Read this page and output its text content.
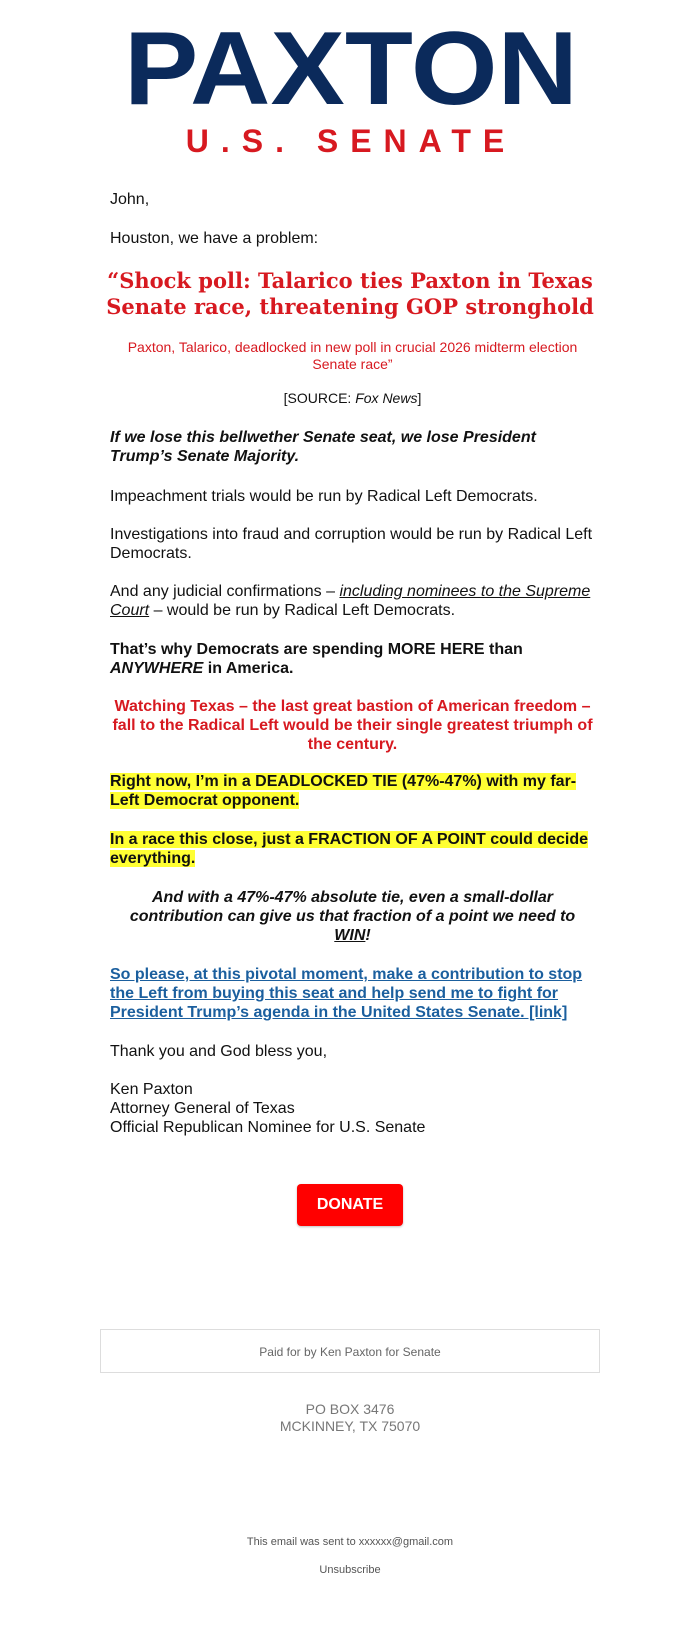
PAXTON
U.S. SENATE

John,

Houston, we have a problem:

“Shock poll: Talarico ties Paxton in Texas Senate race, threatening GOP stronghold

Paxton, Talarico, deadlocked in new poll in crucial 2026 midterm election Senate race”

[SOURCE: Fox News]

If we lose this bellwether Senate seat, we lose President Trump’s Senate Majority.

Impeachment trials would be run by Radical Left Democrats.

Investigations into fraud and corruption would be run by Radical Left Democrats.

And any judicial confirmations – including nominees to the Supreme Court – would be run by Radical Left Democrats.

That’s why Democrats are spending MORE HERE than ANYWHERE in America.

Watching Texas – the last great bastion of American freedom – fall to the Radical Left would be their single greatest triumph of the century.

Right now, I’m in a DEADLOCKED TIE (47%-47%) with my far-Left Democrat opponent.

In a race this close, just a FRACTION OF A POINT could decide everything.

And with a 47%-47% absolute tie, even a small-dollar contribution can give us that fraction of a point we need to WIN!

So please, at this pivotal moment, make a contribution to stop the Left from buying this seat and help send me to fight for President Trump’s agenda in the United States Senate. [link]

Thank you and God bless you,

Ken Paxton

Attorney General of Texas

Official Republican Nominee for U.S. Senate

DONATE
Paid for by Ken Paxton for Senate
PO BOX 3476
MCKINNEY, TX 75070
This email was sent to xxxxxx@gmail.com
Unsubscribe
